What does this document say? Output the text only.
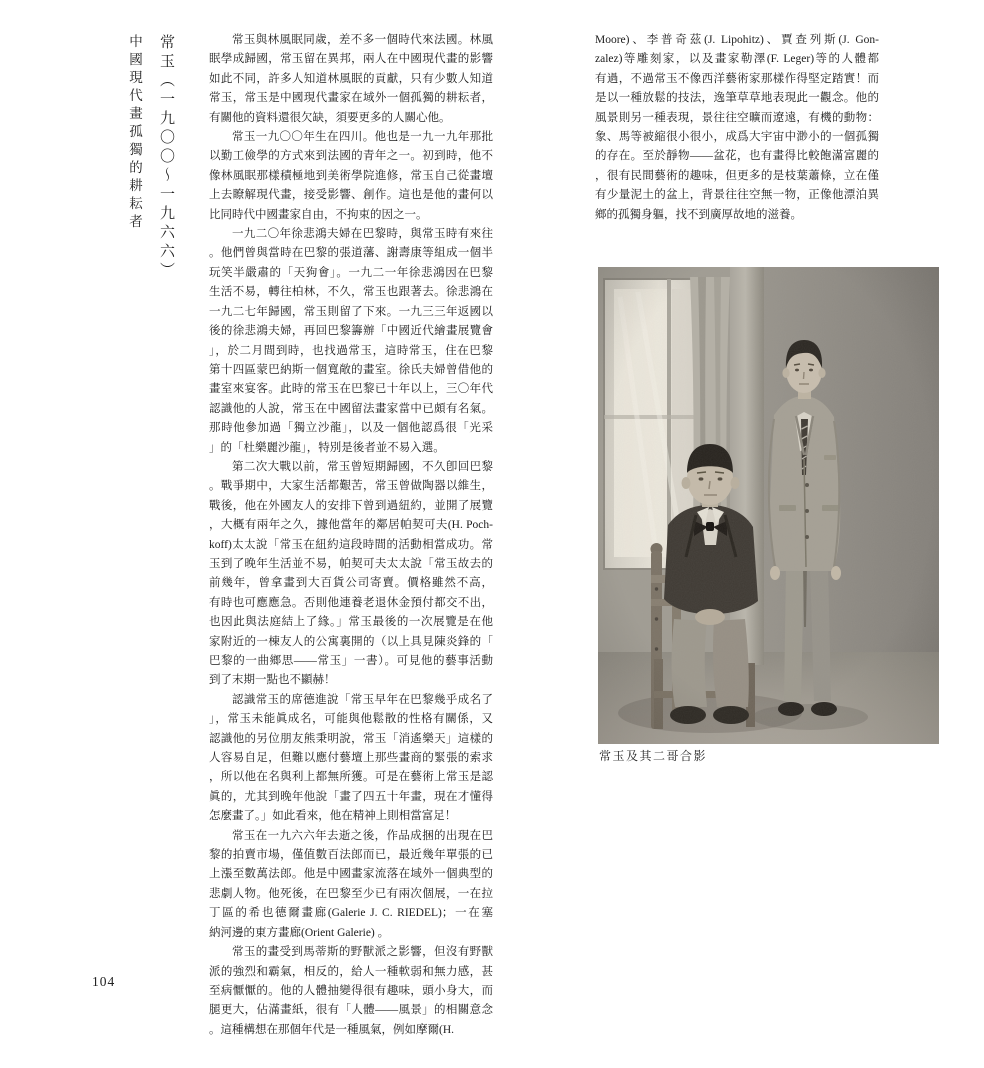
常玉（一九〇〇～一九六六）
中國現代畫孤獨的耕耘者	常玉與林風眠同歲，差不多一個時代來法國。林風
眠學成歸國，常玉留在異邦，兩人在中國現代畫的影響
如此不同，許多人知道林風眠的貢獻，只有少數人知道
常玉，常玉是中國現代畫家在域外一個孤獨的耕耘者，
有關他的資料還很欠缺，須要更多的人關心他。
常玉一九〇〇年生在四川。他也是一九一九年那批
以勤工儉學的方式來到法國的青年之一。初到時，他不
像林風眠那樣積極地到美術學院進修，常玉自己從畫壇
上去瞭解現代畫，接受影響、創作。這也是他的畫何以
比同時代中國畫家自由，不拘束的因之一。
一九二〇年徐悲鴻夫婦在巴黎時，與常玉時有來往
。他們曾與當時在巴黎的張道藩、謝壽康等組成一個半
玩笑半嚴肅的「天狗會」。一九二一年徐悲鴻因在巴黎
生活不易，轉往柏林，不久，常玉也跟著去。徐悲鴻在
一九二七年歸國，常玉則留了下來。一九三三年返國以
後的徐悲鴻夫婦，再回巴黎籌辦「中國近代繪畫展覽會
」，於二月間到時，也找過常玉，這時常玉，住在巴黎
第十四區蒙巴納斯一個寬敞的畫室。徐氏夫婦曾借他的
畫室來宴客。此時的常玉在巴黎已十年以上，三〇年代
認識他的人說，常玉在中國留法畫家當中已頗有名氣。
那時他參加過「獨立沙龍」，以及一個他認爲很「光采
」的「杜樂麗沙龍」，特別是後者並不易入選。
第二次大戰以前，常玉曾短期歸國，不久卽回巴黎
。戰爭期中，大家生活都艱苦，常玉曾做陶器以維生，
戰後，他在外國友人的安排下曾到過紐約，並開了展覽
，大概有兩年之久，據他當年的鄰居帕契可夫(H. Poch-
koff)太太說「常玉在紐約這段時間的活動相當成功。常
玉到了晚年生活並不易，帕契可夫太太說「常玉故去的
前幾年，曾拿畫到大百貨公司寄賣。價格雖然不高，
有時也可應應急。否則他連養老退休金預付都交不出，
也因此與法庭結上了緣。」常玉最後的一次展覽是在他
家附近的一棟友人的公寓裏開的（以上具見陳炎鋒的「
巴黎的一曲鄉思——常玉」一書）。可見他的藝事活動
到了末期一點也不顯赫！
認識常玉的席德進說「常玉早年在巴黎幾乎成名了
」，常玉未能眞成名，可能與他鬆散的性格有關係，又
認識他的另位朋友熊秉明說，常玉「消遙樂天」這樣的
人容易自足，但難以應付藝壇上那些畫商的緊張的索求
，所以他在名與利上都無所獲。可是在藝術上常玉是認
眞的，尤其到晚年他說「畫了四五十年畫，現在才懂得
怎麼畫了。」如此看來，他在精神上則相當富足！
常玉在一九六六年去逝之後，作品成捆的出現在巴
黎的拍賣市場，僅值數百法郎而已，最近幾年單張的已
上漲至數萬法郎。他是中國畫家流落在域外一個典型的
悲劇人物。他死後，在巴黎至少已有兩次個展，一在拉
丁區的希也德爾畫廊(Galerie J. C. RIEDEL)；一在塞
納河邊的東方畫廊(Orient Galerie) 。
常玉的畫受到馬蒂斯的野獸派之影響，但沒有野獸
派的強烈和霸氣，相反的，給人一種軟弱和無力感，甚
至病懨懨的。他的人體抽變得很有趣味，頭小身大，而
腿更大，佔滿畫紙，很有「人體——風景」的相關意念
。這種構想在那個年代是一種風氣，例如摩爾(H.
Moore)、李普奇茲(J. Lipohitz)、賈查列斯(J. Gon-
zalez)等雕刻家，以及畫家勒澤(F. Leger)等的人體都
有過，不過常玉不像西洋藝術家那樣作得堅定踏實！而
是以一種放鬆的技法，逸筆草草地表現此一觀念。他的
風景則另一種表現，景往往空曠而遼遠，有機的動物：
象、馬等被縮很小很小，成爲大宇宙中渺小的一個孤獨
的存在。至於靜物——盆花，也有畫得比較飽滿富麗的
，很有民間藝術的趣味，但更多的是枝葉蕭條，立在僅
有少量泥土的盆上，背景往往空無一物，正像他漂泊異
鄉的孤獨身軀，找不到廣厚故地的滋養。
常玉及其二哥合影
104
